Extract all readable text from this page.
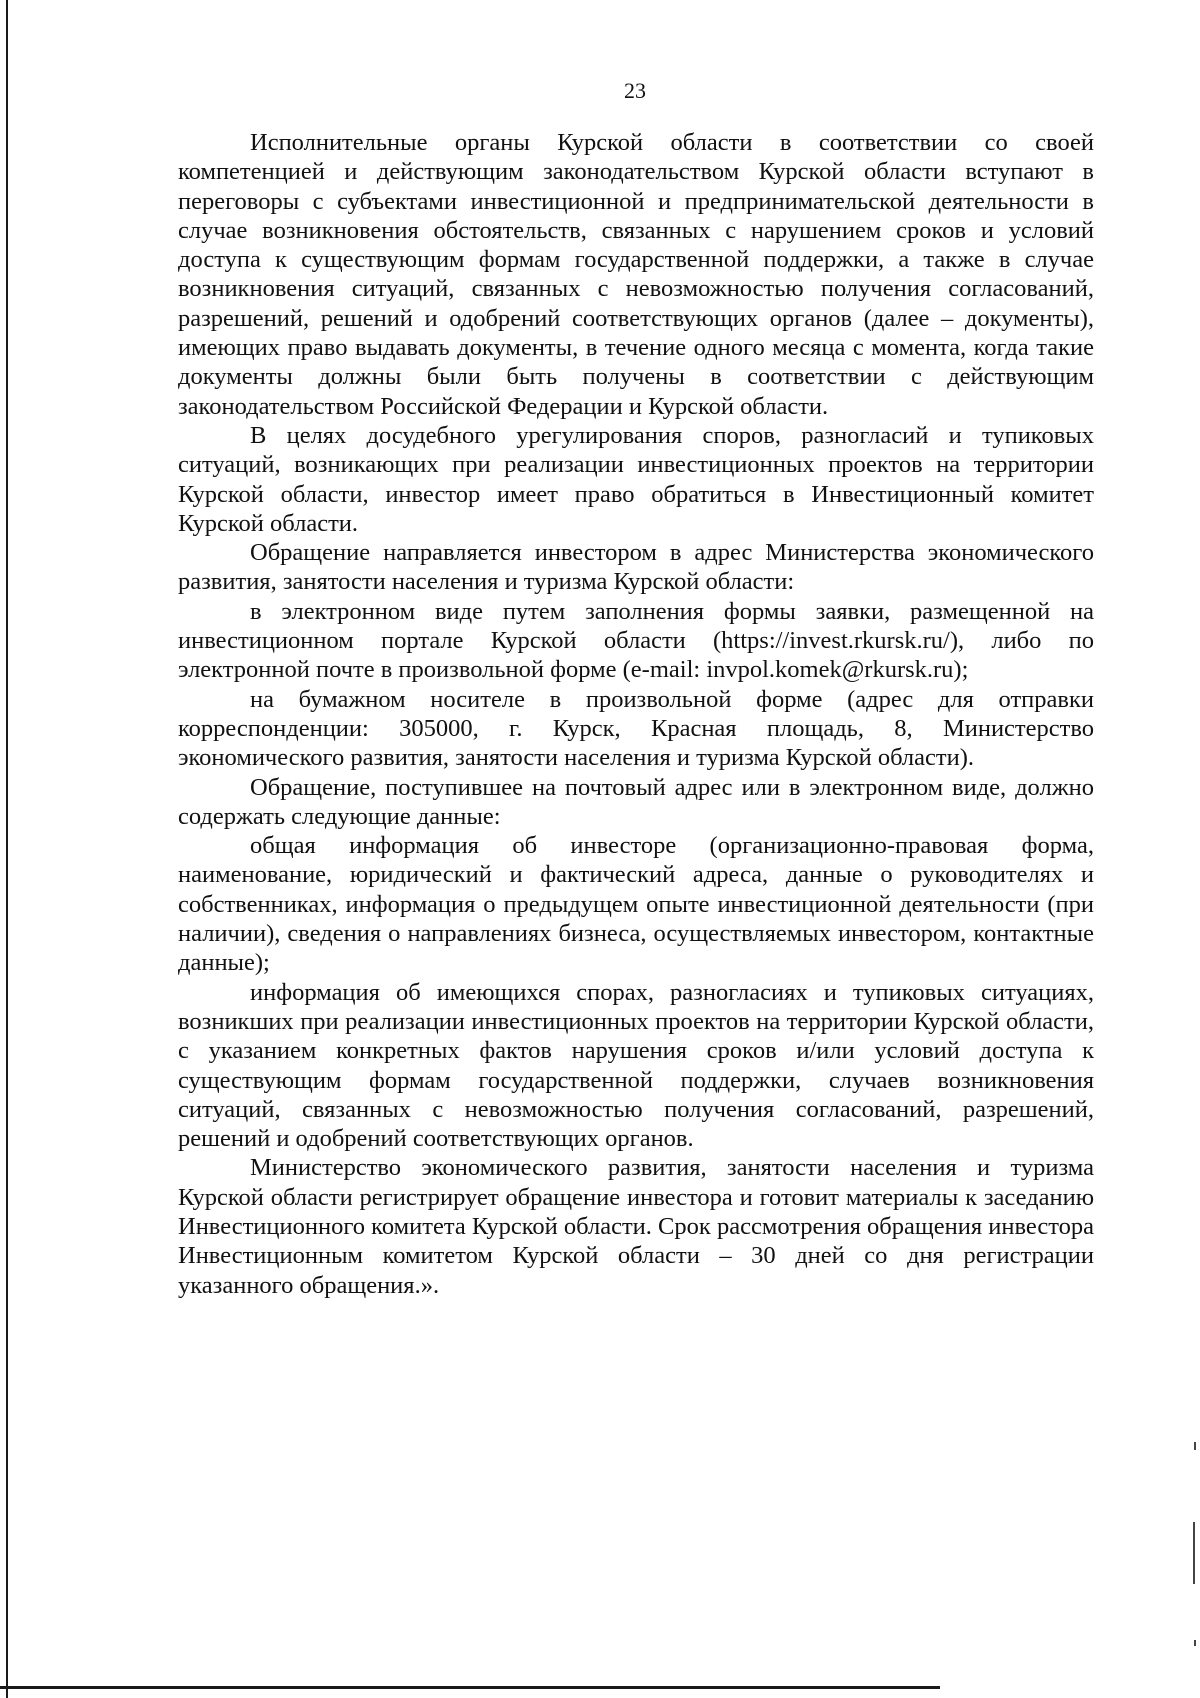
23

Исполнительные органы Курской области в соответствии со своей компетенцией и действующим законодательством Курской области вступают в переговоры с субъектами инвестиционной и предпринимательской деятельности в случае возникновения обстоятельств, связанных с нарушением сроков и условий доступа к существующим формам государственной поддержки, а также в случае возникновения ситуаций, связанных с невозможностью получения согласований, разрешений, решений и одобрений соответствующих органов (далее – документы), имеющих право выдавать документы, в течение одного месяца с момента, когда такие документы должны были быть получены в соответствии с действующим законодательством Российской Федерации и Курской области.

В целях досудебного урегулирования споров, разногласий и тупиковых ситуаций, возникающих при реализации инвестиционных проектов на территории Курской области, инвестор имеет право обратиться в Инвестиционный комитет Курской области.

Обращение направляется инвестором в адрес Министерства экономического развития, занятости населения и туризма Курской области:

в электронном виде путем заполнения формы заявки, размещенной на инвестиционном портале Курской области (https://invest.rkursk.ru/), либо по электронной почте в произвольной форме (e-mail: invpol.komek@rkursk.ru);

на бумажном носителе в произвольной форме (адрес для отправки корреспонденции: 305000, г. Курск, Красная площадь, 8, Министерство экономического развития, занятости населения и туризма Курской области).

Обращение, поступившее на почтовый адрес или в электронном виде, должно содержать следующие данные:

общая информация об инвесторе (организационно-правовая форма, наименование, юридический и фактический адреса, данные о руководителях и собственниках, информация о предыдущем опыте инвестиционной деятельности (при наличии), сведения о направлениях бизнеса, осуществляемых инвестором, контактные данные);

информация об имеющихся спорах, разногласиях и тупиковых ситуациях, возникших при реализации инвестиционных проектов на территории Курской области, с указанием конкретных фактов нарушения сроков и/или условий доступа к существующим формам государственной поддержки, случаев возникновения ситуаций, связанных с невозможностью получения согласований, разрешений, решений и одобрений соответствующих органов.

Министерство экономического развития, занятости населения и туризма Курской области регистрирует обращение инвестора и готовит материалы к заседанию Инвестиционного комитета Курской области. Срок рассмотрения обращения инвестора Инвестиционным комитетом Курской области – 30 дней со дня регистрации указанного обращения.».
